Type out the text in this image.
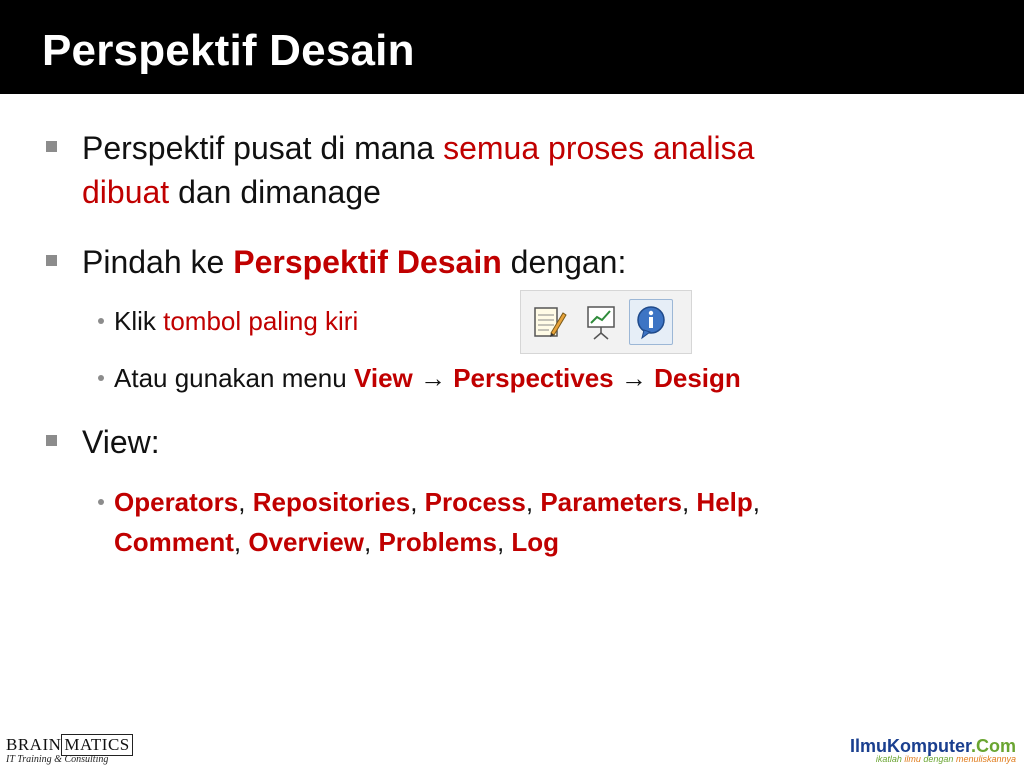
Perspektif Desain
Perspektif pusat di mana semua proses analisa
dibuat dan dimanage
Pindah ke Perspektif Desain dengan:
Klik tombol paling kiri
Atau gunakan menu View → Perspectives → Design
View:
Operators, Repositories, Process, Parameters, Help,
Comment, Overview, Problems, Log
BRAIN MATICS
IT Training & Consulting
IlmuKomputer.Com
ikatlah ilmu dengan menuliskannya
